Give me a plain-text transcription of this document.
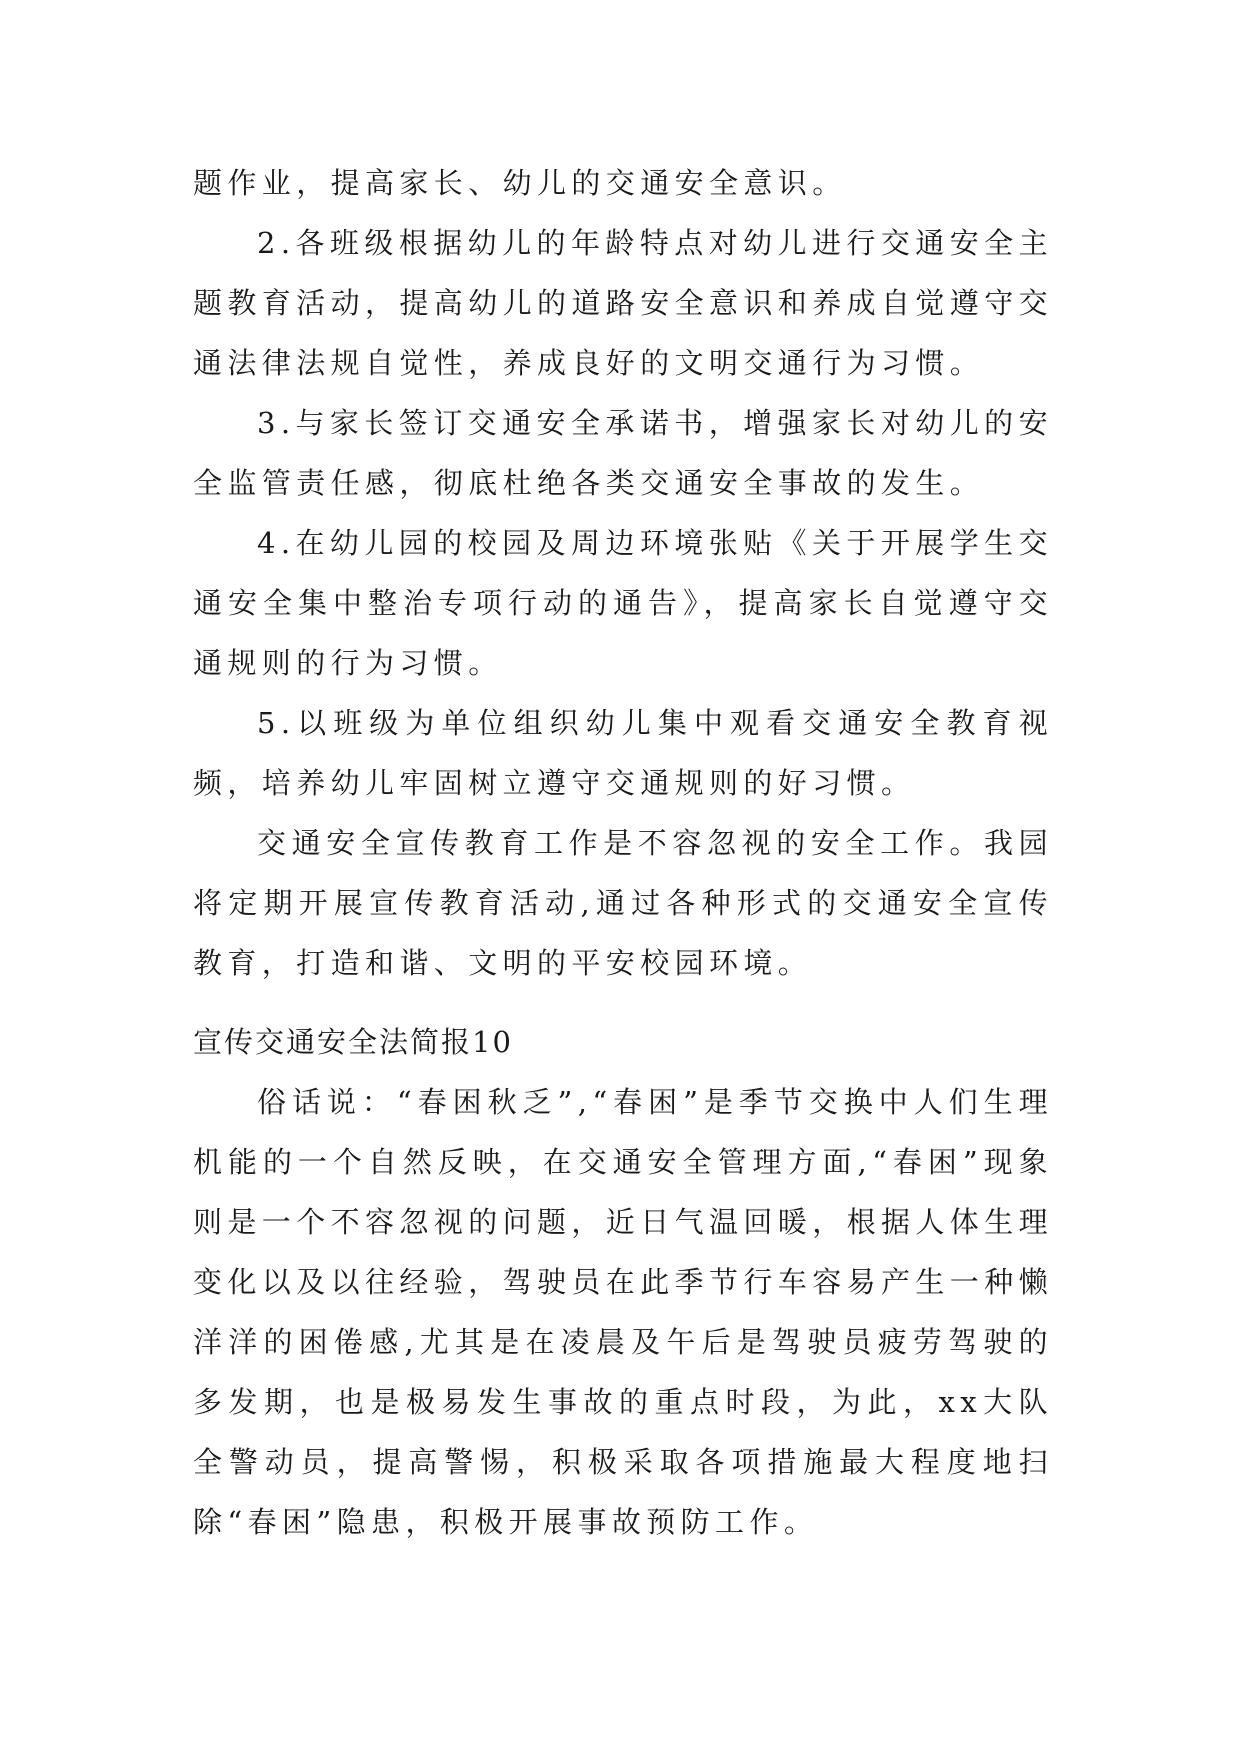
题作业，提高家长、幼儿的交通安全意识。

2.各班级根据幼儿的年龄特点对幼儿进行交通安全主题教育活动，提高幼儿的道路安全意识和养成自觉遵守交通法律法规自觉性，养成良好的文明交通行为习惯。

3.与家长签订交通安全承诺书，增强家长对幼儿的安全监管责任感，彻底杜绝各类交通安全事故的发生。

4.在幼儿园的校园及周边环境张贴《关于开展学生交通安全集中整治专项行动的通告》，提高家长自觉遵守交通规则的行为习惯。

5.以班级为单位组织幼儿集中观看交通安全教育视频，培养幼儿牢固树立遵守交通规则的好习惯。

交通安全宣传教育工作是不容忽视的安全工作。我园将定期开展宣传教育活动,通过各种形式的交通安全宣传教育，打造和谐、文明的平安校园环境。

宣传交通安全法简报10

俗话说：“春困秋乏”,“春困”是季节交换中人们生理机能的一个自然反映，在交通安全管理方面,“春困”现象则是一个不容忽视的问题，近日气温回暖，根据人体生理变化以及以往经验，驾驶员在此季节行车容易产生一种懒洋洋的困倦感,尤其是在凌晨及午后是驾驶员疲劳驾驶的多发期，也是极易发生事故的重点时段，为此，xx大队全警动员，提高警惕，积极采取各项措施最大程度地扫除“春困”隐患，积极开展事故预防工作。
